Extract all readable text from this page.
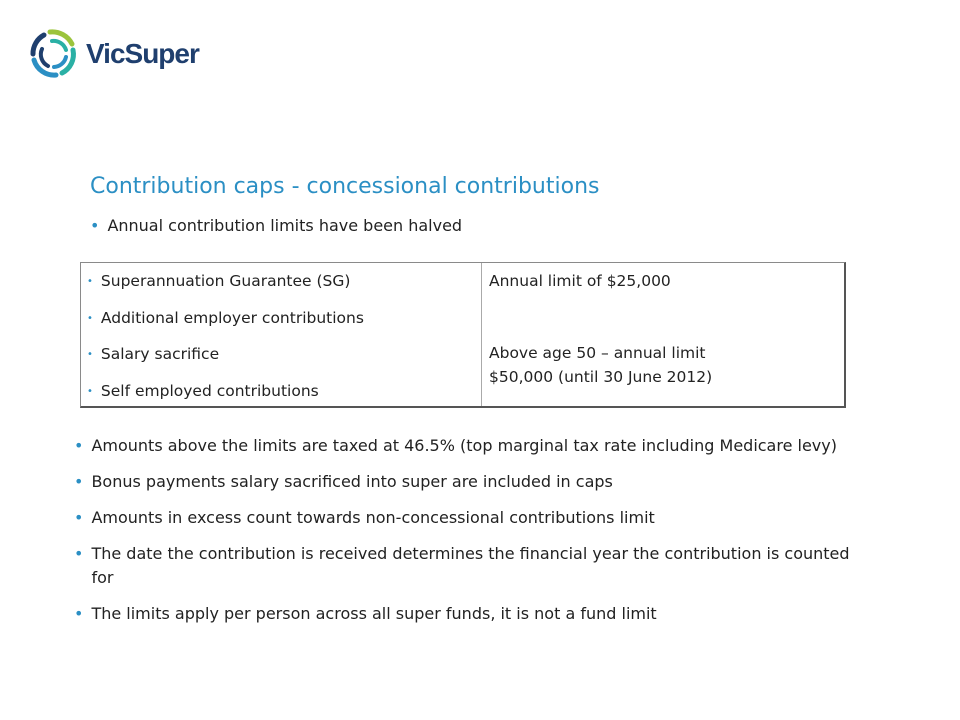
VicSuper
Contribution caps - concessional contributions
• Annual contribution limits have been halved
• Superannuation Guarantee (SG)
• Additional employer contributions
• Salary sacrifice
• Self employed contributions
Annual limit of $25,000
Above age 50 – annual limit
$50,000 (until 30 June 2012)
• Amounts above the limits are taxed at 46.5% (top marginal tax rate including Medicare levy)
• Bonus payments salary sacrificed into super are included in caps
• Amounts in excess count towards non-concessional contributions limit
• The date the contribution is received determines the financial year the contribution is counted for
• The limits apply per person across all super funds, it is not a fund limit
